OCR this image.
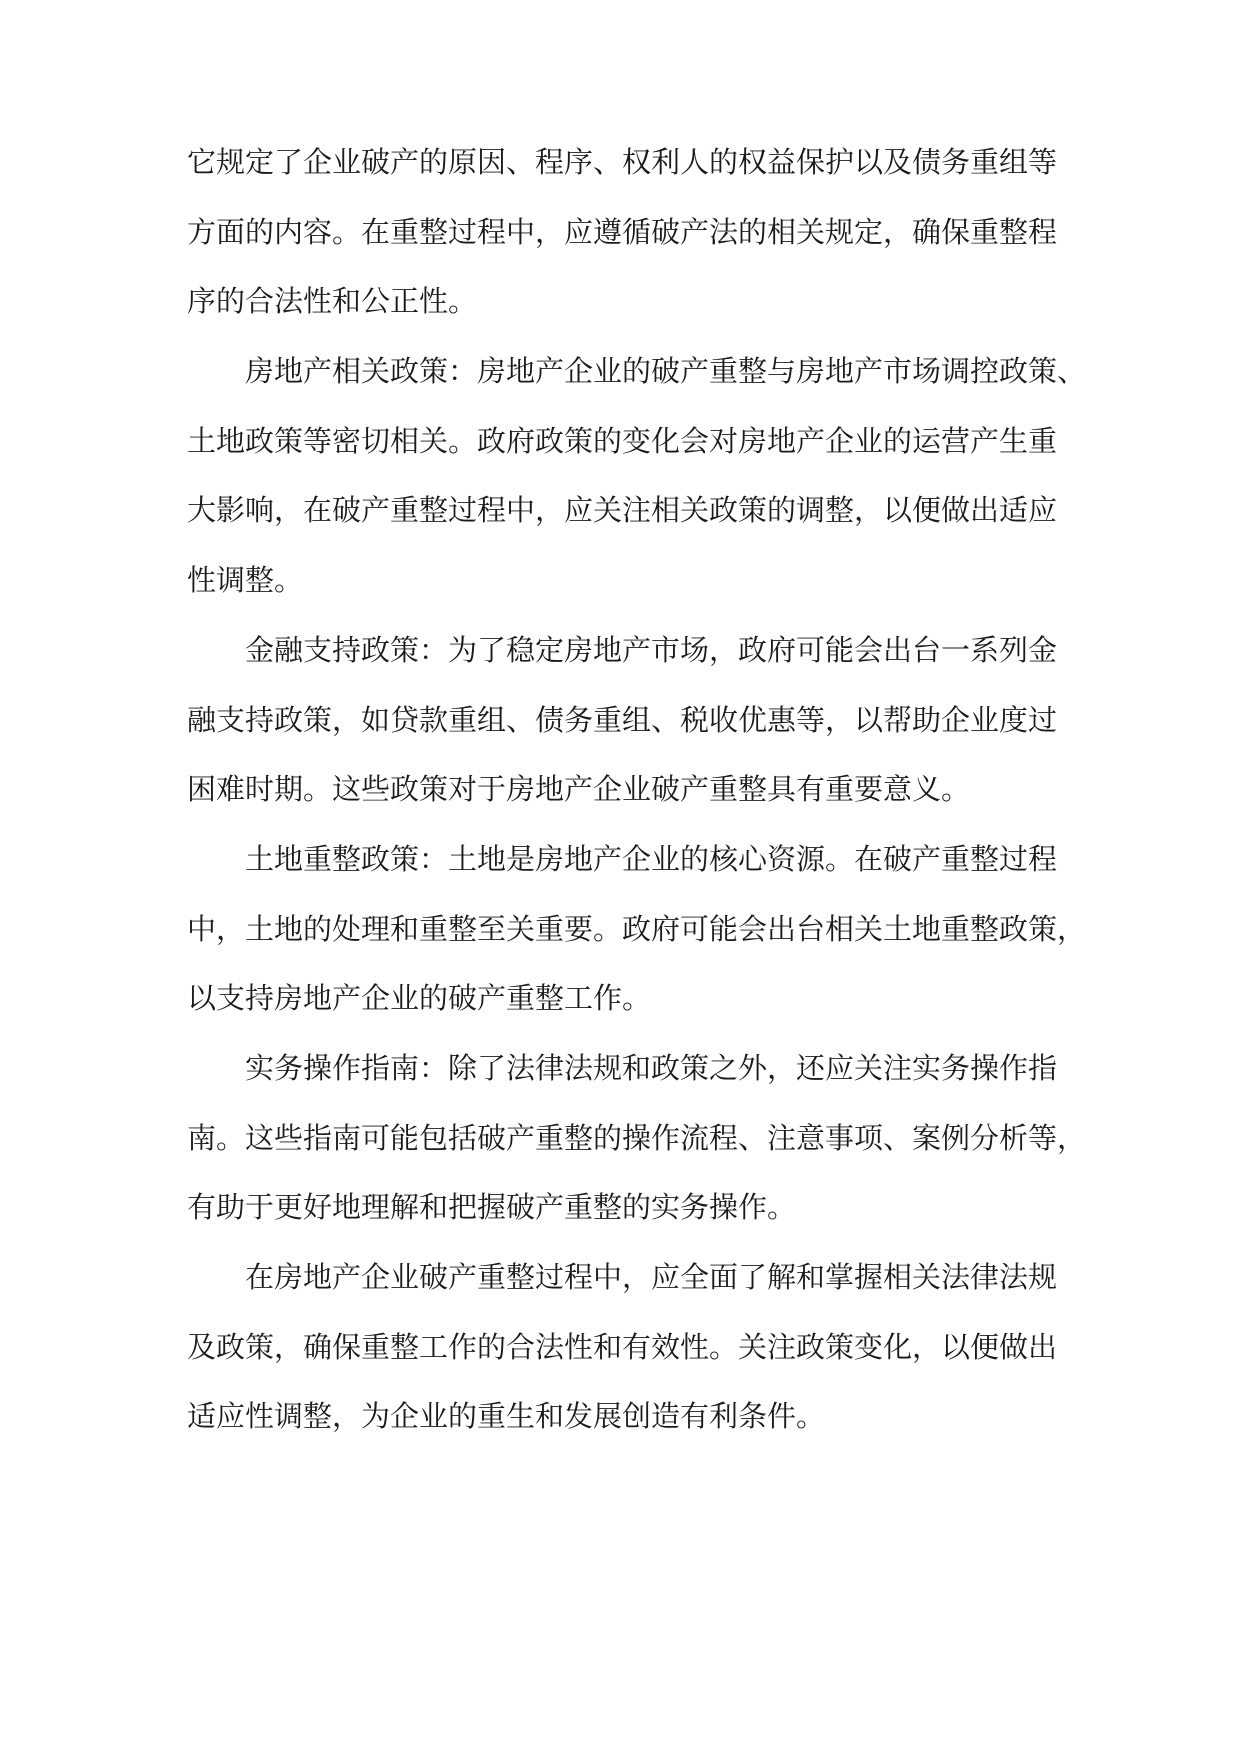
它规定了企业破产的原因、程序、权利人的权益保护以及债务重组等
方面的内容。在重整过程中，应遵循破产法的相关规定，确保重整程
序的合法性和公正性。
房地产相关政策：房地产企业的破产重整与房地产市场调控政策、
土地政策等密切相关。政府政策的变化会对房地产企业的运营产生重
大影响，在破产重整过程中，应关注相关政策的调整，以便做出适应
性调整。
金融支持政策：为了稳定房地产市场，政府可能会出台一系列金
融支持政策，如贷款重组、债务重组、税收优惠等，以帮助企业度过
困难时期。这些政策对于房地产企业破产重整具有重要意义。
土地重整政策：土地是房地产企业的核心资源。在破产重整过程
中，土地的处理和重整至关重要。政府可能会出台相关土地重整政策，
以支持房地产企业的破产重整工作。
实务操作指南：除了法律法规和政策之外，还应关注实务操作指
南。这些指南可能包括破产重整的操作流程、注意事项、案例分析等，
有助于更好地理解和把握破产重整的实务操作。
在房地产企业破产重整过程中，应全面了解和掌握相关法律法规
及政策，确保重整工作的合法性和有效性。关注政策变化，以便做出
适应性调整，为企业的重生和发展创造有利条件。
